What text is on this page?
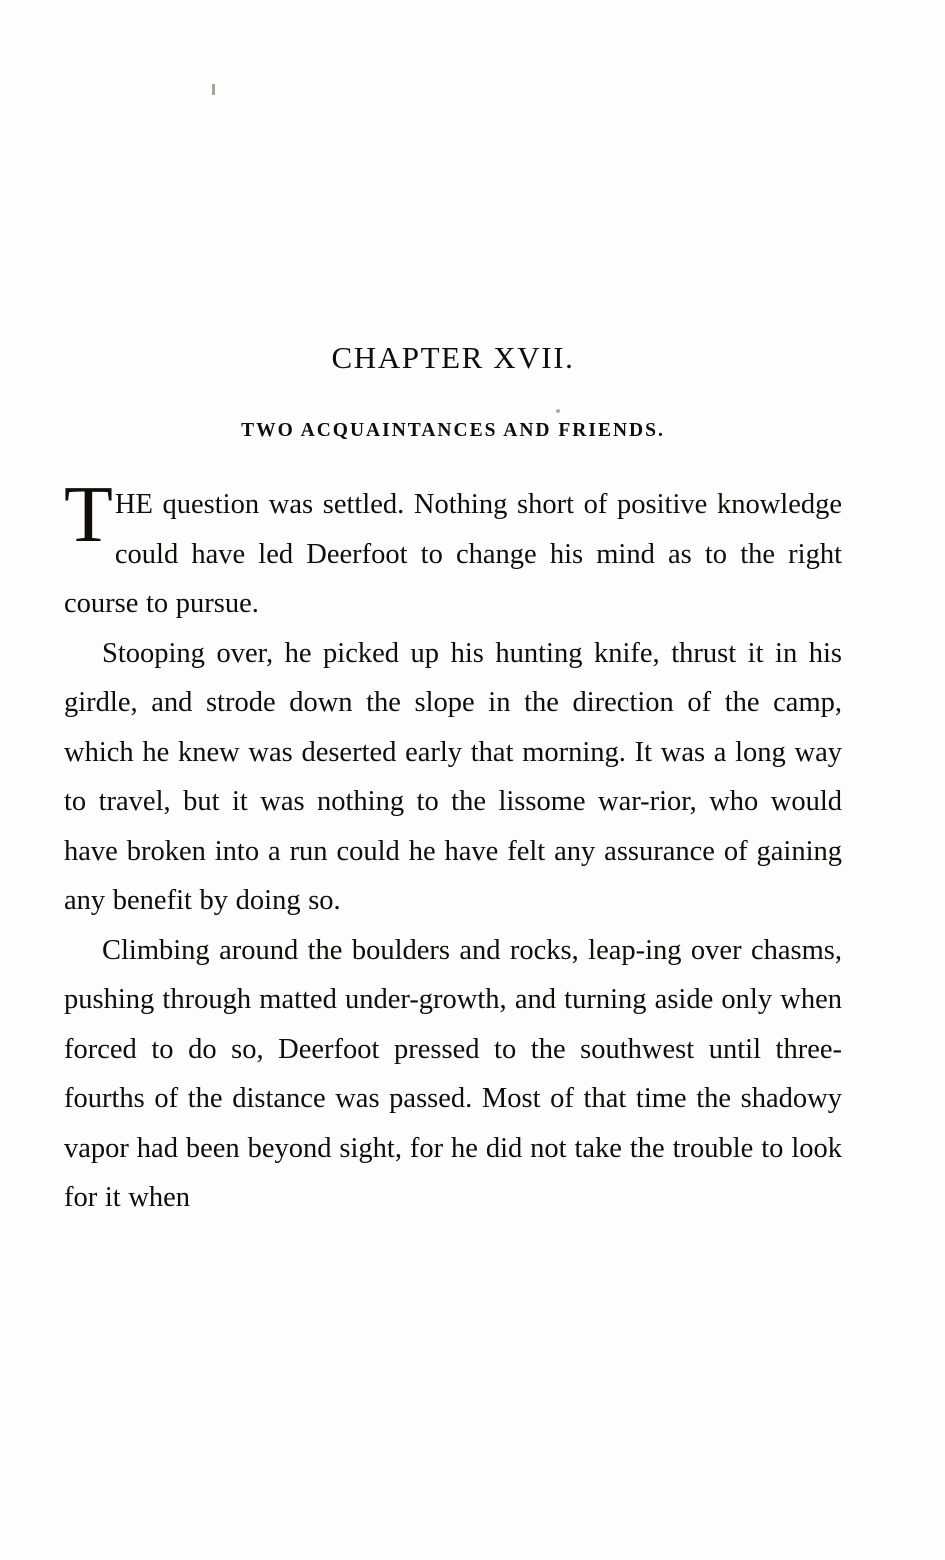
CHAPTER XVII.
TWO ACQUAINTANCES AND FRIENDS.

THE question was settled. Nothing short of positive knowledge could have led Deerfoot to change his mind as to the right course to pursue.

Stooping over, he picked up his hunting knife, thrust it in his girdle, and strode down the slope in the direction of the camp, which he knew was deserted early that morning. It was a long way to travel, but it was nothing to the lissome war-rior, who would have broken into a run could he have felt any assurance of gaining any benefit by doing so.

Climbing around the boulders and rocks, leap-ing over chasms, pushing through matted under-growth, and turning aside only when forced to do so, Deerfoot pressed to the southwest until three-fourths of the distance was passed. Most of that time the shadowy vapor had been beyond sight, for he did not take the trouble to look for it when
